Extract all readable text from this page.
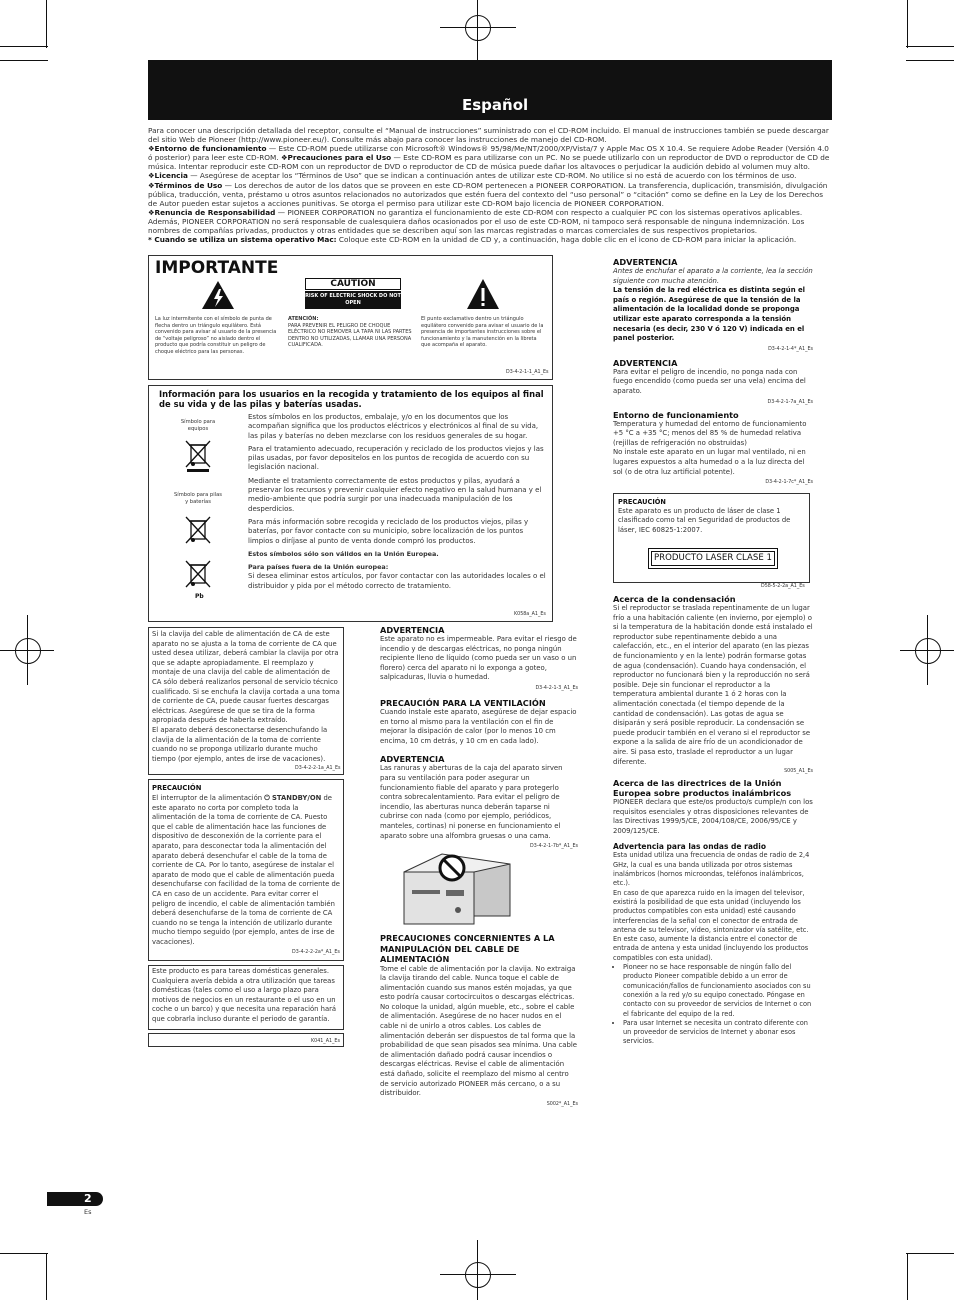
Español

Para conocer una descripción detallada del receptor, consulte el “Manual de instrucciones” suministrado con el CD-ROM incluido. El manual de instrucciones también se puede descargar del sitio Web de Pioneer (http://www.pioneer.eu/). Consulte más abajo para conocer las instrucciones de manejo del CD-ROM.

❖Entorno de funcionamiento — Este CD-ROM puede utilizarse con Microsoft® Windows® 95/98/Me/NT/2000/XP/Vista/7 y Apple Mac OS X 10.4. Se requiere Adobe Reader (Versión 4.0 ó posterior) para leer este CD-ROM. ❖Precauciones para el Uso — Este CD-ROM es para utilizarse con un PC. No se puede utilizarlo con un reproductor de DVD o reproductor de CD de música. Intentar reproducir este CD-ROM con un reproductor de DVD o reproductor de CD de música puede dañar los altavoces o perjudicar la audición debido al volumen muy alto.

❖Licencia — Asegúrese de aceptar los “Términos de Uso” que se indican a continuación antes de utilizar este CD-ROM. No utilice si no está de acuerdo con los términos de uso.

❖Términos de Uso — Los derechos de autor de los datos que se proveen en este CD-ROM pertenecen a PIONEER CORPORATION. La transferencia, duplicación, transmisión, divulgación pública, traducción, venta, préstamo u otros asuntos relacionados no autorizados que estén fuera del contexto del “uso personal” o “citación” como se define en la Ley de los Derechos de Autor pueden estar sujetos a acciones punitivas. Se otorga el permiso para utilizar este CD-ROM bajo licencia de PIONEER CORPORATION.

❖Renuncia de Responsabilidad — PIONEER CORPORATION no garantiza el funcionamiento de este CD-ROM con respecto a cualquier PC con los sistemas operativos aplicables. Además, PIONEER CORPORATION no será responsable de cualesquiera daños ocasionados por el uso de este CD-ROM, ni tampoco será responsable de ninguna indemnización. Los nombres de compañías privadas, productos y otras entidades que se describen aquí son las marcas registradas o marcas comerciales de sus respectivos propietarios.

* Cuando se utiliza un sistema operativo Mac: Coloque este CD-ROM en la unidad de CD y, a continuación, haga doble clic en el icono de CD-ROM para iniciar la aplicación.

IMPORTANTE
CAUTION
RISK OF ELECTRIC SHOCK DO NOT OPEN
La luz intermitente con el símbolo de punta de flecha dentro un triángulo equilátero. Está convenido para avisar al usuario de la presencia de “voltaje peligroso” no aislado dentro el producto que podría constituir un peligro de choque eléctrico para las personas.
ATENCIÓN:
PARA PREVENIR EL PELIGRO DE CHOQUE ELÉCTRICO NO REMOVER LA TAPA NI LAS PARTES DENTRO NO UTILIZADAS, LLAMAR UNA PERSONA CUALIFICADA.
El punto exclamativo dentro un triángulo equilátero convenido para avisar el usuario de la presencia de importantes instrucciones sobre el funcionamiento y la manutención en la libreta que acompaña el aparato.
D3-4-2-1-1_A1_Es
Información para los usuarios en la recogida y tratamiento de los equipos al final de su vida y de las pilas y baterías usadas.
Símbolo para equipos
Símbolo para pilas y baterías
Pb

Estos símbolos en los productos, embalaje, y/o en los documentos que los acompañan significa que los productos eléctricos y electrónicos al final de su vida, las pilas y baterías no deben mezclarse con los residuos generales de su hogar.

Para el tratamiento adecuado, recuperación y reciclado de los productos viejos y las pilas usadas, por favor depositelos en los puntos de recogida de acuerdo con su legislación nacional.

Mediante el tratamiento correctamente de estos productos y pilas, ayudará a preservar los recursos y prevenir cualquier efecto negativo en la salud humana y el medio-ambiente que podría surgir por una inadecuada manipulación de los desperdicios.

Para más información sobre recogida y reciclado de los productos viejos, pilas y baterías, por favor contacte con su municipio, sobre localización de los puntos limpios o diríjase al punto de venta donde compró los productos.

Estos símbolos sólo son válidos en la Unión Europea.

Para países fuera de la Unión europea:

Si desea eliminar estos artículos, por favor contactar con las autoridades locales o el distribuidor y pida por el método correcto de tratamiento.

K058a_A1_Es
Si la clavija del cable de alimentación de CA de este aparato no se ajusta a la toma de corriente de CA que usted desea utilizar, deberá cambiar la clavija por otra que se adapte apropiadamente. El reemplazo y montaje de una clavija del cable de alimentación de CA sólo deberá realizarlos personal de servicio técnico cualificado. Si se enchufa la clavija cortada a una toma de corriente de CA, puede causar fuertes descargas eléctricas. Asegúrese de que se tira de la forma apropiada después de haberla extraído.
El aparato deberá desconectarse desenchufando la clavija de la alimentación de la toma de corriente cuando no se proponga utilizarlo durante mucho tiempo (por ejemplo, antes de irse de vacaciones).
D3-4-2-2-1a_A1_Es
PRECAUCIÓN
El interruptor de la alimentación ⏻ STANDBY/ON de este aparato no corta por completo toda la alimentación de la toma de corriente de CA. Puesto que el cable de alimentación hace las funciones de dispositivo de desconexión de la corriente para el aparato, para desconectar toda la alimentación del aparato deberá desenchufar el cable de la toma de corriente de CA. Por lo tanto, asegúrese de instalar el aparato de modo que el cable de alimentación pueda desenchufarse con facilidad de la toma de corriente de CA en caso de un accidente. Para evitar correr el peligro de incendio, el cable de alimentación también deberá desenchufarse de la toma de corriente de CA cuando no se tenga la intención de utilizarlo durante mucho tiempo seguido (por ejemplo, antes de irse de vacaciones).
D3-4-2-2-2a*_A1_Es
Este producto es para tareas domésticas generales. Cualquiera avería debida a otra utilización que tareas domésticas (tales como el uso a largo plazo para motivos de negocios en un restaurante o el uso en un coche o un barco) y que necesita una reparación hará que cobrarla incluso durante el periodo de garantía.
K041_A1_Es
ADVERTENCIA
Este aparato no es impermeable. Para evitar el riesgo de incendio y de descargas eléctricas, no ponga ningún recipiente lleno de líquido (como pueda ser un vaso o un florero) cerca del aparato ni lo exponga a goteo, salpicaduras, lluvia o humedad.
D3-4-2-1-3_A1_Es
PRECAUCIÓN PARA LA VENTILACIÓN
Cuando instale este aparato, asegúrese de dejar espacio en torno al mismo para la ventilación con el fin de mejorar la disipación de calor (por lo menos 10 cm encima, 10 cm detrás, y 10 cm en cada lado).
ADVERTENCIA
Las ranuras y aberturas de la caja del aparato sirven para su ventilación para poder asegurar un funcionamiento fiable del aparato y para protegerlo contra sobrecalentamiento. Para evitar el peligro de incendio, las aberturas nunca deberán taparse ni cubrirse con nada (como por ejemplo, periódicos, manteles, cortinas) ni ponerse en funcionamiento el aparato sobre una alfombra gruesas o una cama.
D3-4-2-1-7b*_A1_Es
PRECAUCIONES CONCERNIENTES A LA MANIPULACIÓN DEL CABLE DE ALIMENTACIÓN
Tome el cable de alimentación por la clavija. No extraiga la clavija tirando del cable. Nunca toque el cable de alimentación cuando sus manos estén mojadas, ya que esto podría causar cortocircuitos o descargas eléctricas. No coloque la unidad, algún mueble, etc., sobre el cable de alimentación. Asegúrese de no hacer nudos en el cable ni de unirlo a otros cables. Los cables de alimentación deberán ser dispuestos de tal forma que la probabilidad de que sean pisados sea mínima. Una cable de alimentación dañado podrá causar incendios o descargas eléctricas. Revise el cable de alimentación está dañado, solicite el reemplazo del mismo al centro de servicio autorizado PIONEER más cercano, o a su distribuidor.
S002*_A1_Es
ADVERTENCIA
Antes de enchufar el aparato a la corriente, lea la sección siguiente con mucha atención.
La tensión de la red eléctrica es distinta según el país o región. Asegúrese de que la tensión de la alimentación de la localidad donde se proponga utilizar este aparato corresponda a la tensión necesaria (es decir, 230 V ó 120 V) indicada en el panel posterior.
D3-4-2-1-4*_A1_Es
ADVERTENCIA
Para evitar el peligro de incendio, no ponga nada con fuego encendido (como pueda ser una vela) encima del aparato.
D3-4-2-1-7a_A1_Es
Entorno de funcionamiento
Temperatura y humedad del entorno de funcionamiento +5 °C a +35 °C; menos del 85 % de humedad relativa (rejillas de refrigeración no obstruidas)
No instale este aparato en un lugar mal ventilado, ni en lugares expuestos a alta humedad o a la luz directa del sol (o de otra luz artificial potente).
D3-4-2-1-7c*_A1_Es
PRECAUCIÓN
Este aparato es un producto de láser de clase 1 clasificado como tal en Seguridad de productos de láser, IEC 60825-1:2007.
PRODUCTO LASER CLASE 1
D58-5-2-2a_A1_Es
Acerca de la condensación
Si el reproductor se traslada repentinamente de un lugar frío a una habitación caliente (en invierno, por ejemplo) o si la temperatura de la habitación donde está instalado el reproductor sube repentinamente debido a una calefacción, etc., en el interior del aparato (en las piezas de funcionamiento y en la lente) podrán formarse gotas de agua (condensación). Cuando haya condensación, el reproductor no funcionará bien y la reproducción no será posible. Deje sin funcionar el reproductor a la temperatura ambiental durante 1 ó 2 horas con la alimentación conectada (el tiempo depende de la cantidad de condensación). Las gotas de agua se disiparán y será posible reproducir. La condensación se puede producir también en el verano si el reproductor se expone a la salida de aire frío de un acondicionador de aire. Si pasa esto, traslade el reproductor a un lugar diferente.
S005_A1_Es
Acerca de las directrices de la Unión Europea sobre productos inalámbricos
PIONEER declara que este/os producto/s cumple/n con los requisitos esenciales y otras disposiciones relevantes de las Directivas 1999/5/CE, 2004/108/CE, 2006/95/CE y 2009/125/CE.
Advertencia para las ondas de radio
Esta unidad utiliza una frecuencia de ondas de radio de 2,4 GHz, la cual es una banda utilizada por otros sistemas inalámbricos (hornos microondas, teléfonos inalámbricos, etc.).
En caso de que aparezca ruido en la imagen del televisor, existirá la posibilidad de que esta unidad (incluyendo los productos compatibles con esta unidad) esté causando interferencias de la señal con el conector de entrada de antena de su televisor, vídeo, sintonizador vía satélite, etc.
En este caso, aumente la distancia entre el conector de entrada de antena y esta unidad (incluyendo los productos compatibles con esta unidad).
• Pioneer no se hace responsable de ningún fallo del producto Pioneer compatible debido a un error de comunicación/fallos de funcionamiento asociados con su conexión a la red y/o su equipo conectado. Póngase en contacto con su proveedor de servicios de Internet o con el fabricante del equipo de la red.
• Para usar Internet se necesita un contrato diferente con un proveedor de servicios de Internet y abonar esos servicios.
2
Es
